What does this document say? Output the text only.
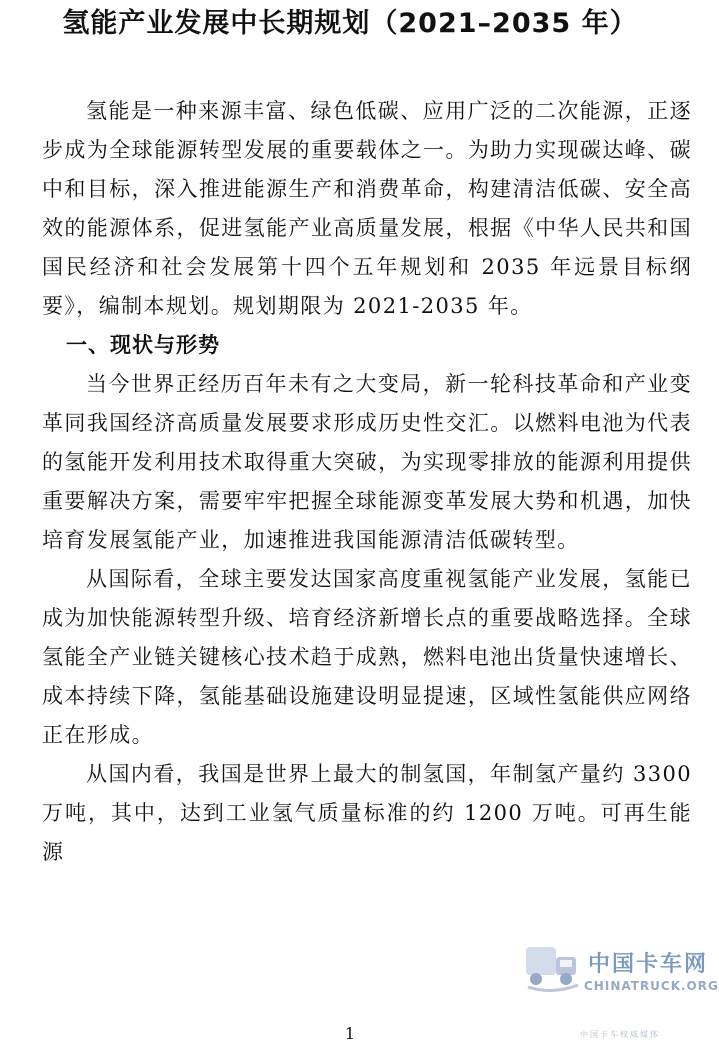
氢能产业发展中长期规划（2021–2035 年）

氢能是一种来源丰富、绿色低碳、应用广泛的二次能源，正逐步成为全球能源转型发展的重要载体之一。为助力实现碳达峰、碳中和目标，深入推进能源生产和消费革命，构建清洁低碳、安全高效的能源体系，促进氢能产业高质量发展，根据《中华人民共和国国民经济和社会发展第十四个五年规划和 2035 年远景目标纲要》，编制本规划。规划期限为 2021-2035 年。

一、现状与形势

当今世界正经历百年未有之大变局，新一轮科技革命和产业变革同我国经济高质量发展要求形成历史性交汇。以燃料电池为代表的氢能开发利用技术取得重大突破，为实现零排放的能源利用提供重要解决方案，需要牢牢把握全球能源变革发展大势和机遇，加快培育发展氢能产业，加速推进我国能源清洁低碳转型。

从国际看，全球主要发达国家高度重视氢能产业发展，氢能已成为加快能源转型升级、培育经济新增长点的重要战略选择。全球氢能全产业链关键核心技术趋于成熟，燃料电池出货量快速增长、成本持续下降，氢能基础设施建设明显提速，区域性氢能供应网络正在形成。

从国内看，我国是世界上最大的制氢国，年制氢产量约 3300 万吨，其中，达到工业氢气质量标准的约 1200 万吨。可再生能源

1
中国卡车网
CHINATRUCK.ORG
中国卡车权威媒体
